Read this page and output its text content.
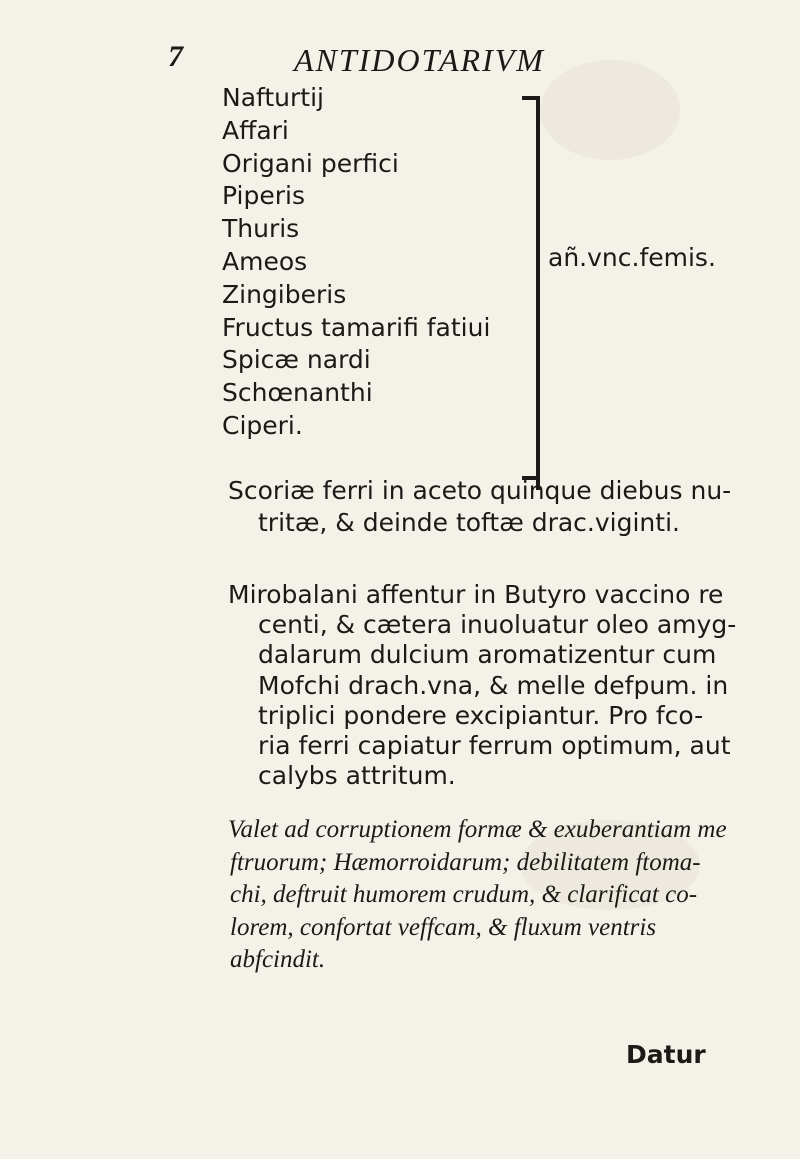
7	ANTIDOTARIVM
Nafturtij
Affari
Origani perfici
Piperis
Thuris
Ameos
Zingiberis
Fructus tamarifi fatiui
Spicæ nardi
Schœnanthi
Ciperi.
añ.vnc.femis.
Scoriæ ferri in aceto quinque diebus nu-
tritæ, & deinde toftæ drac.viginti.
Mirobalani affentur in Butyro vaccino re
centi, & cætera inuoluatur oleo amyg-
dalarum dulcium aromatizentur cum
Mofchi drach.vna, & melle defpum. in
triplici pondere excipiantur. Pro fco-
ria ferri capiatur ferrum optimum, aut
calybs attritum.
Valet ad corruptionem formæ & exuberantiam me
ftruorum; Hæmorroidarum; debilitatem ftoma-
chi, deftruit humorem crudum, & clarificat co-
lorem, confortat veffcam, & fluxum ventris
abfcindit.
Datur
